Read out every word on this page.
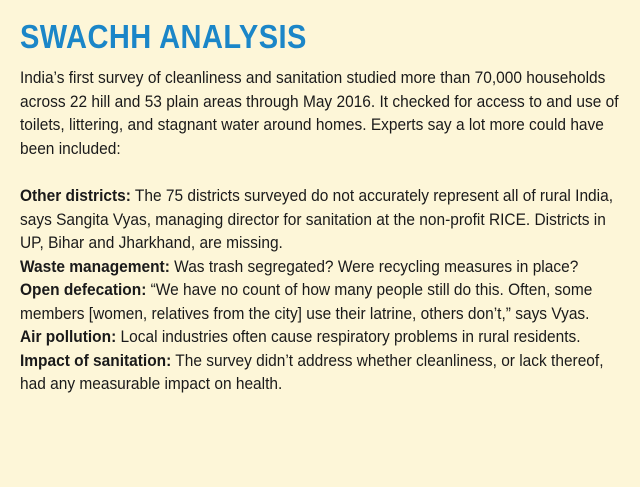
SWACHH ANALYSIS

India’s first survey of cleanliness and sanitation studied more than 70,000 households across 22 hill and 53 plain areas through May 2016. It checked for access to and use of toilets, littering, and stagnant water around homes. Experts say a lot more could have been included:

Other districts: The 75 districts surveyed do not accurately represent all of rural India, says Sangita Vyas, managing director for sanitation at the non-profit RICE. Districts in UP, Bihar and Jharkhand, are missing.
Waste management: Was trash segregated? Were recycling measures in place?
Open defecation: “We have no count of how many people still do this. Often, some members [women, relatives from the city] use their latrine, others don’t,” says Vyas.
Air pollution: Local industries often cause respiratory problems in rural residents.
Impact of sanitation: The survey didn’t address whether cleanliness, or lack thereof, had any measurable impact on health.
